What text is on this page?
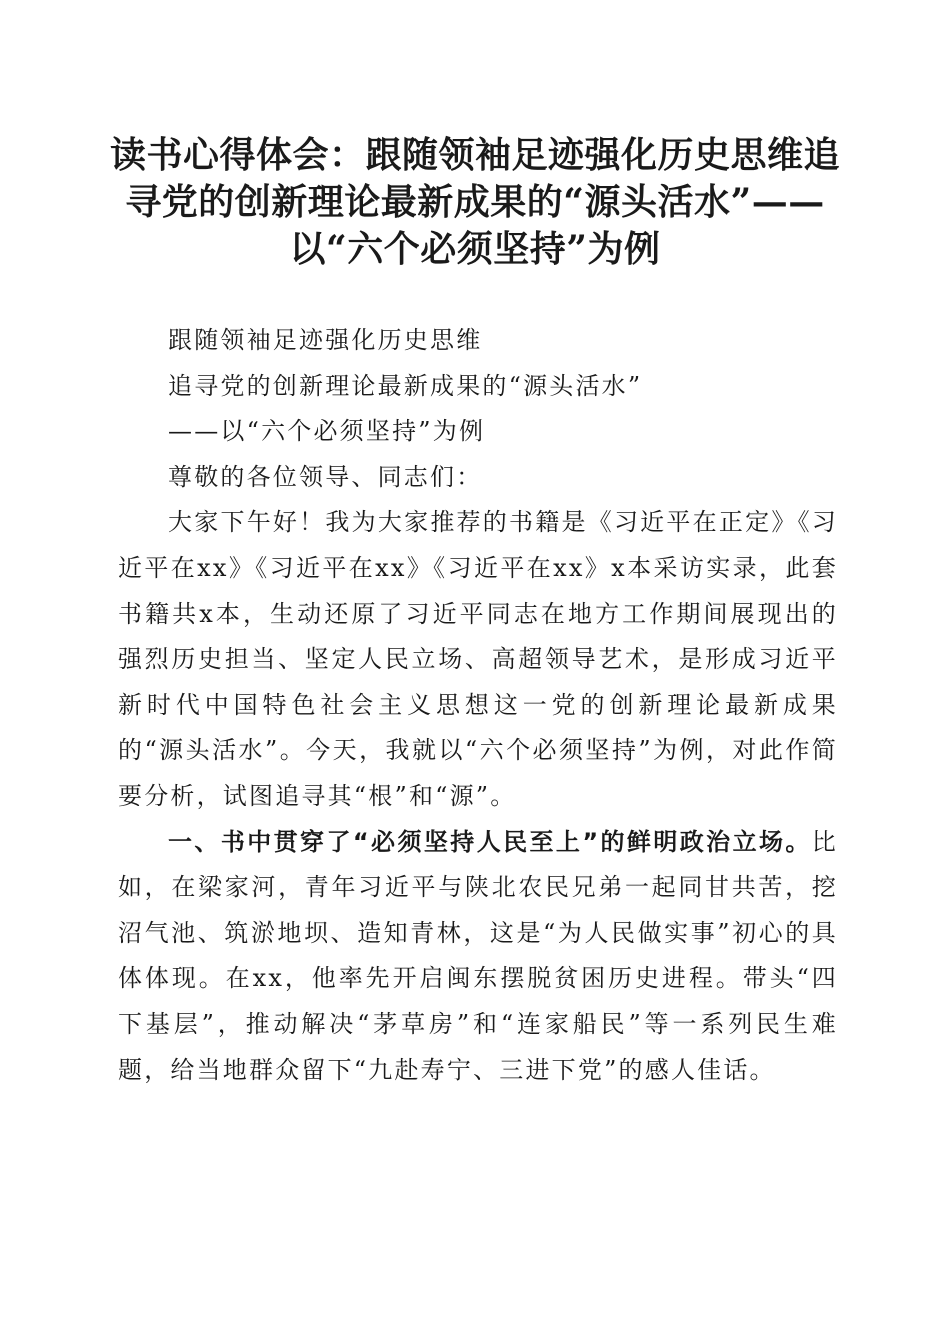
读书心得体会：跟随领袖足迹强化历史思维追
寻党的创新理论最新成果的“源头活水”——
以“六个必须坚持”为例

跟随领袖足迹强化历史思维

追寻党的创新理论最新成果的“源头活水”

——以“六个必须坚持”为例

尊敬的各位领导、同志们：

大家下午好！我为大家推荐的书籍是《习近平在正定》《习近平在xx》《习近平在xx》《习近平在xx》x本采访实录，此套书籍共x本，生动还原了习近平同志在地方工作期间展现出的强烈历史担当、坚定人民立场、高超领导艺术，是形成习近平新时代中国特色社会主义思想这一党的创新理论最新成果的“源头活水”。今天，我就以“六个必须坚持”为例，对此作简要分析，试图追寻其“根”和“源”。

一、书中贯穿了“必须坚持人民至上”的鲜明政治立场。比如，在梁家河，青年习近平与陕北农民兄弟一起同甘共苦，挖沼气池、筑淤地坝、造知青林，这是“为人民做实事”初心的具体体现。在xx，他率先开启闽东摆脱贫困历史进程。带头“四下基层”，推动解决“茅草房”和“连家船民”等一系列民生难题，给当地群众留下“九赴寿宁、三进下党”的感人佳话。
